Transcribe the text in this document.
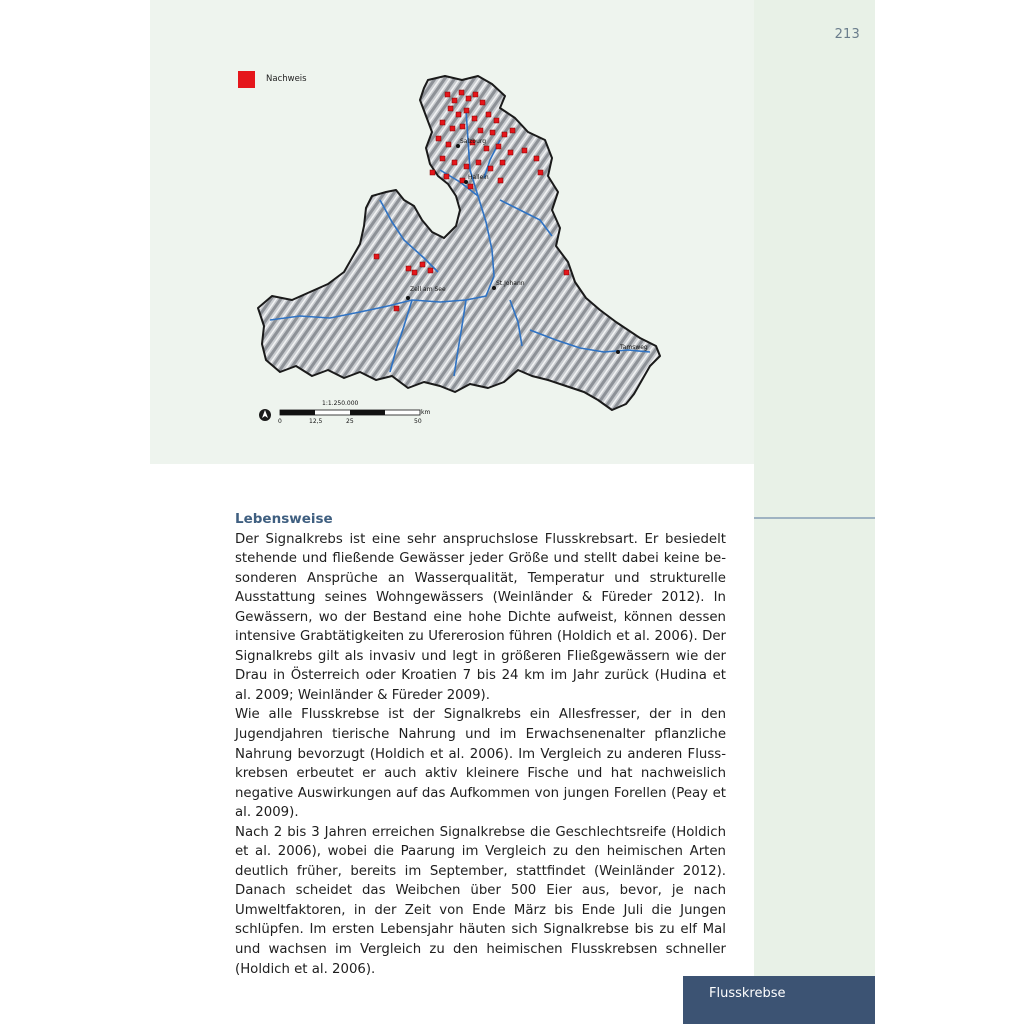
213
Nachweis
Salzburg
Hallein
St.Johann
Zell am See
Tamsweg
1:1.250.000
0	12,5	25	50
km
Lebensweise

Der Signalkrebs ist eine sehr anspruchslose Flusskrebsart. Er besiedelt stehende und fließende Gewässer jeder Größe und stellt dabei keine besonderen Ansprüche an Wasserqualität, Temperatur und strukturelle Ausstattung seines Wohngewässers (Weinländer & Füreder 2012). In Gewässern, wo der Bestand eine hohe Dichte aufweist, können dessen intensive Grabtätigkeiten zu Ufererosion führen (Holdich et al. 2006). Der Signalkrebs gilt als invasiv und legt in größeren Fließgewässern wie der Drau in Österreich oder Kroatien 7 bis 24 km im Jahr zurück (Hudina et al. 2009; Weinländer & Füreder 2009).

Wie alle Flusskrebse ist der Signalkrebs ein Allesfresser, der in den Jugendjahren tierische Nahrung und im Erwachsenenalter pflanzliche Nahrung bevorzugt (Holdich et al. 2006). Im Vergleich zu anderen Flusskrebsen erbeutet er auch aktiv kleinere Fische und hat nachweislich negative Auswirkungen auf das Aufkommen von jungen Forellen (Peay et al. 2009).

Nach 2 bis 3 Jahren erreichen Signalkrebse die Geschlechtsreife (Holdich et al. 2006), wobei die Paarung im Vergleich zu den heimischen Arten deutlich früher, bereits im September, stattfindet (Weinländer 2012). Danach scheidet das Weibchen über 500 Eier aus, bevor, je nach Umweltfaktoren, in der Zeit von Ende März bis Ende Juli die Jungen schlüpfen. Im ersten Lebensjahr häuten sich Signalkrebse bis zu elf Mal und wachsen im Vergleich zu den heimischen Flusskrebsen schneller (Holdich et al. 2006).

Flusskrebse
